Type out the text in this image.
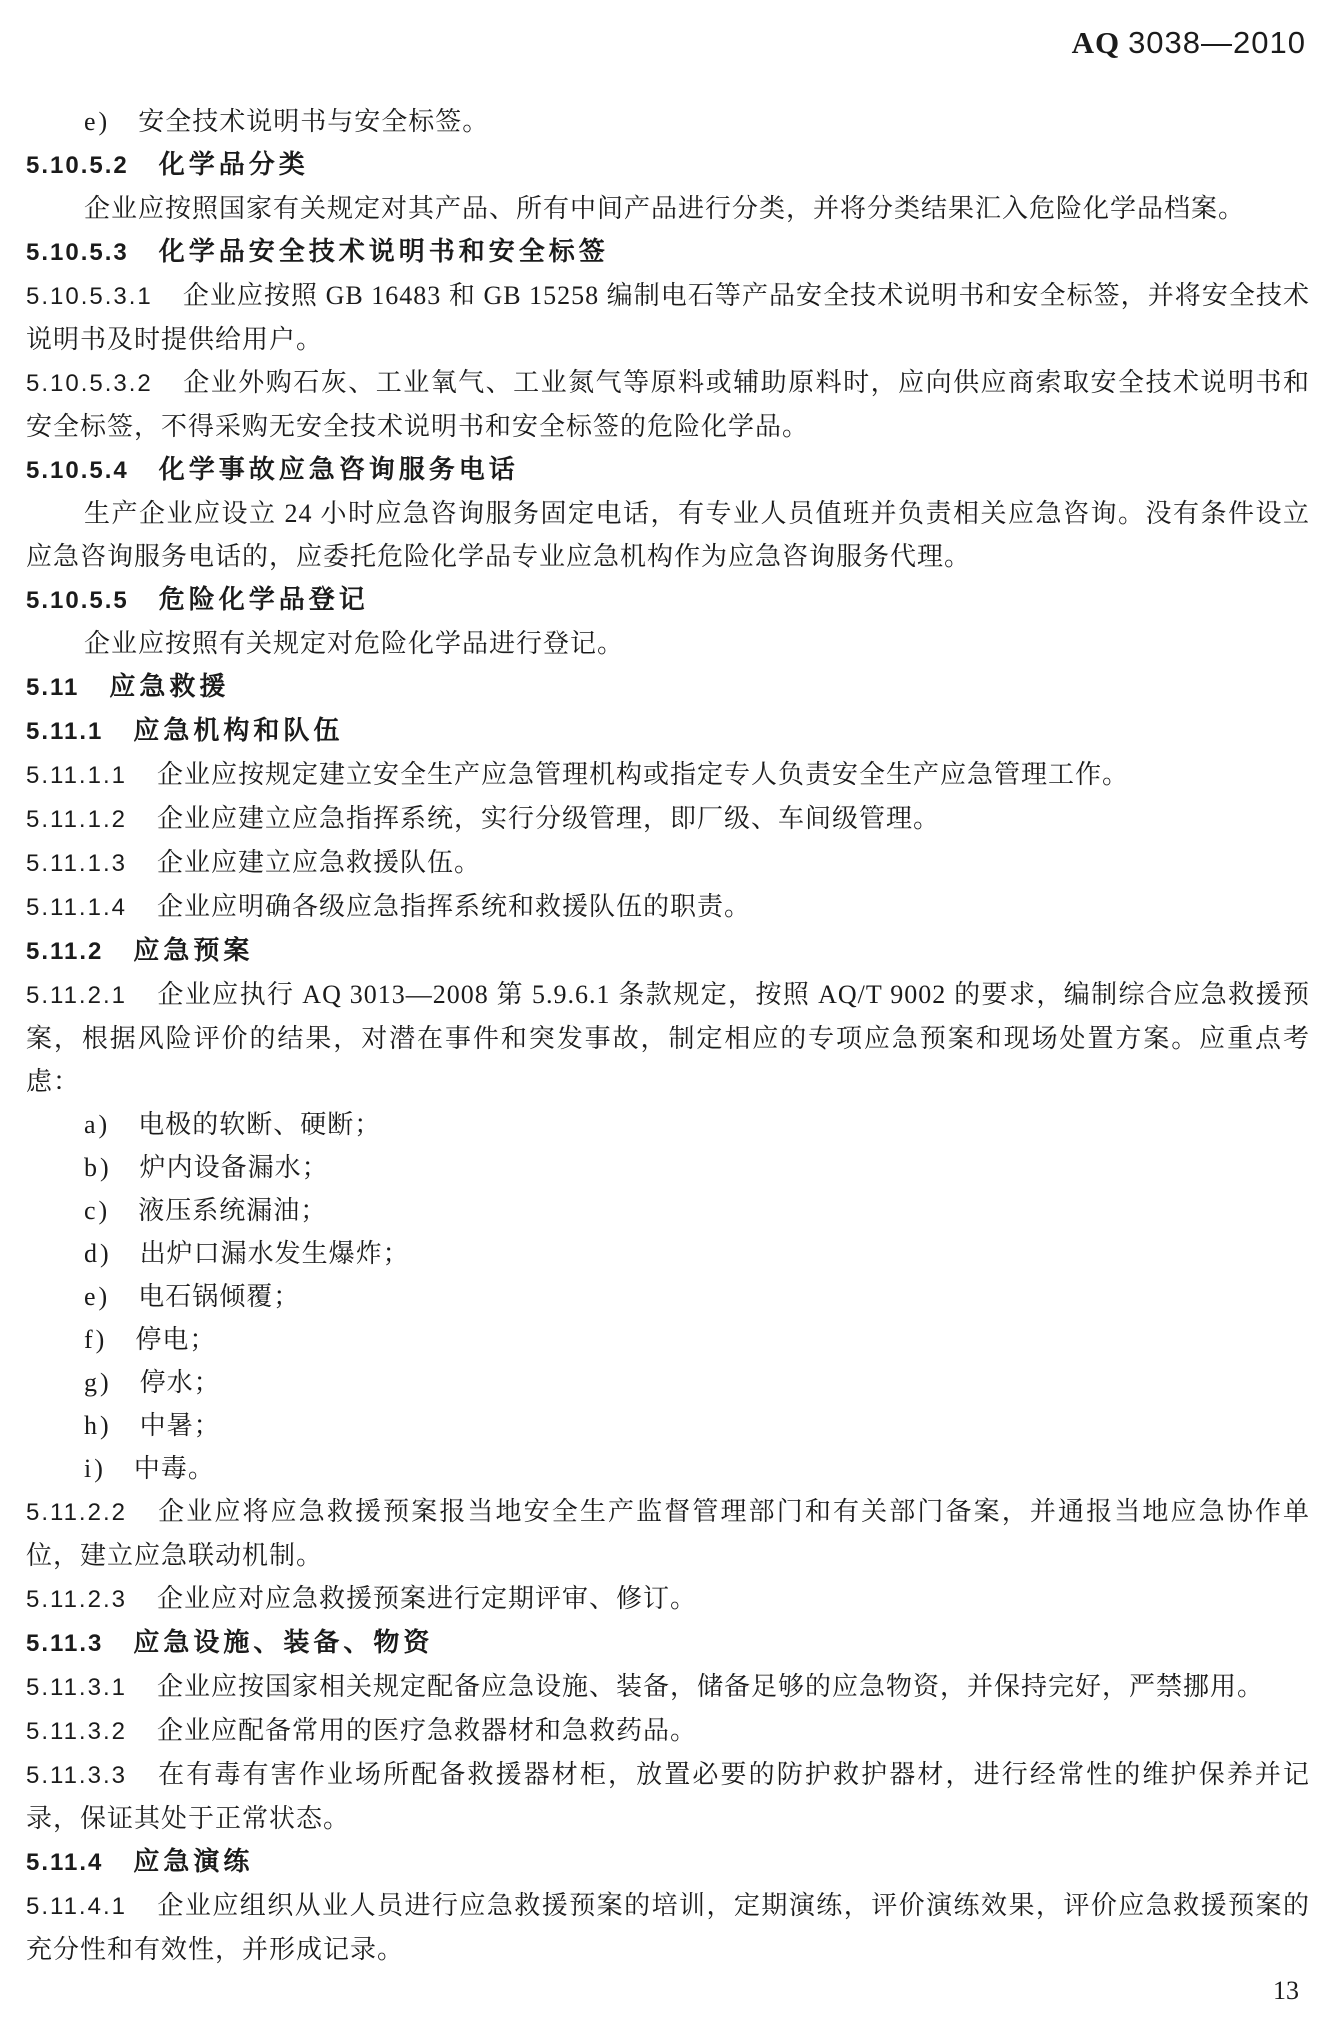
AQ 3038—2010

e) 安全技术说明书与安全标签。

5.10.5.2 化学品分类

企业应按照国家有关规定对其产品、所有中间产品进行分类，并将分类结果汇入危险化学品档案。

5.10.5.3 化学品安全技术说明书和安全标签

5.10.5.3.1 企业应按照 GB 16483 和 GB 15258 编制电石等产品安全技术说明书和安全标签，并将安全技术说明书及时提供给用户。

5.10.5.3.2 企业外购石灰、工业氧气、工业氮气等原料或辅助原料时，应向供应商索取安全技术说明书和安全标签，不得采购无安全技术说明书和安全标签的危险化学品。

5.10.5.4 化学事故应急咨询服务电话

生产企业应设立 24 小时应急咨询服务固定电话，有专业人员值班并负责相关应急咨询。没有条件设立应急咨询服务电话的，应委托危险化学品专业应急机构作为应急咨询服务代理。

5.10.5.5 危险化学品登记

企业应按照有关规定对危险化学品进行登记。

5.11 应急救援

5.11.1 应急机构和队伍

5.11.1.1 企业应按规定建立安全生产应急管理机构或指定专人负责安全生产应急管理工作。

5.11.1.2 企业应建立应急指挥系统，实行分级管理，即厂级、车间级管理。

5.11.1.3 企业应建立应急救援队伍。

5.11.1.4 企业应明确各级应急指挥系统和救援队伍的职责。

5.11.2 应急预案

5.11.2.1 企业应执行 AQ 3013—2008 第 5.9.6.1 条款规定，按照 AQ/T 9002 的要求，编制综合应急救援预案，根据风险评价的结果，对潜在事件和突发事故，制定相应的专项应急预案和现场处置方案。应重点考虑：

a) 电极的软断、硬断；

b) 炉内设备漏水；

c) 液压系统漏油；

d) 出炉口漏水发生爆炸；

e) 电石锅倾覆；

f) 停电；

g) 停水；

h) 中暑；

i) 中毒。

5.11.2.2 企业应将应急救援预案报当地安全生产监督管理部门和有关部门备案，并通报当地应急协作单位，建立应急联动机制。

5.11.2.3 企业应对应急救援预案进行定期评审、修订。

5.11.3 应急设施、装备、物资

5.11.3.1 企业应按国家相关规定配备应急设施、装备，储备足够的应急物资，并保持完好，严禁挪用。

5.11.3.2 企业应配备常用的医疗急救器材和急救药品。

5.11.3.3 在有毒有害作业场所配备救援器材柜，放置必要的防护救护器材，进行经常性的维护保养并记录，保证其处于正常状态。

5.11.4 应急演练

5.11.4.1 企业应组织从业人员进行应急救援预案的培训，定期演练，评价演练效果，评价应急救援预案的充分性和有效性，并形成记录。

13
